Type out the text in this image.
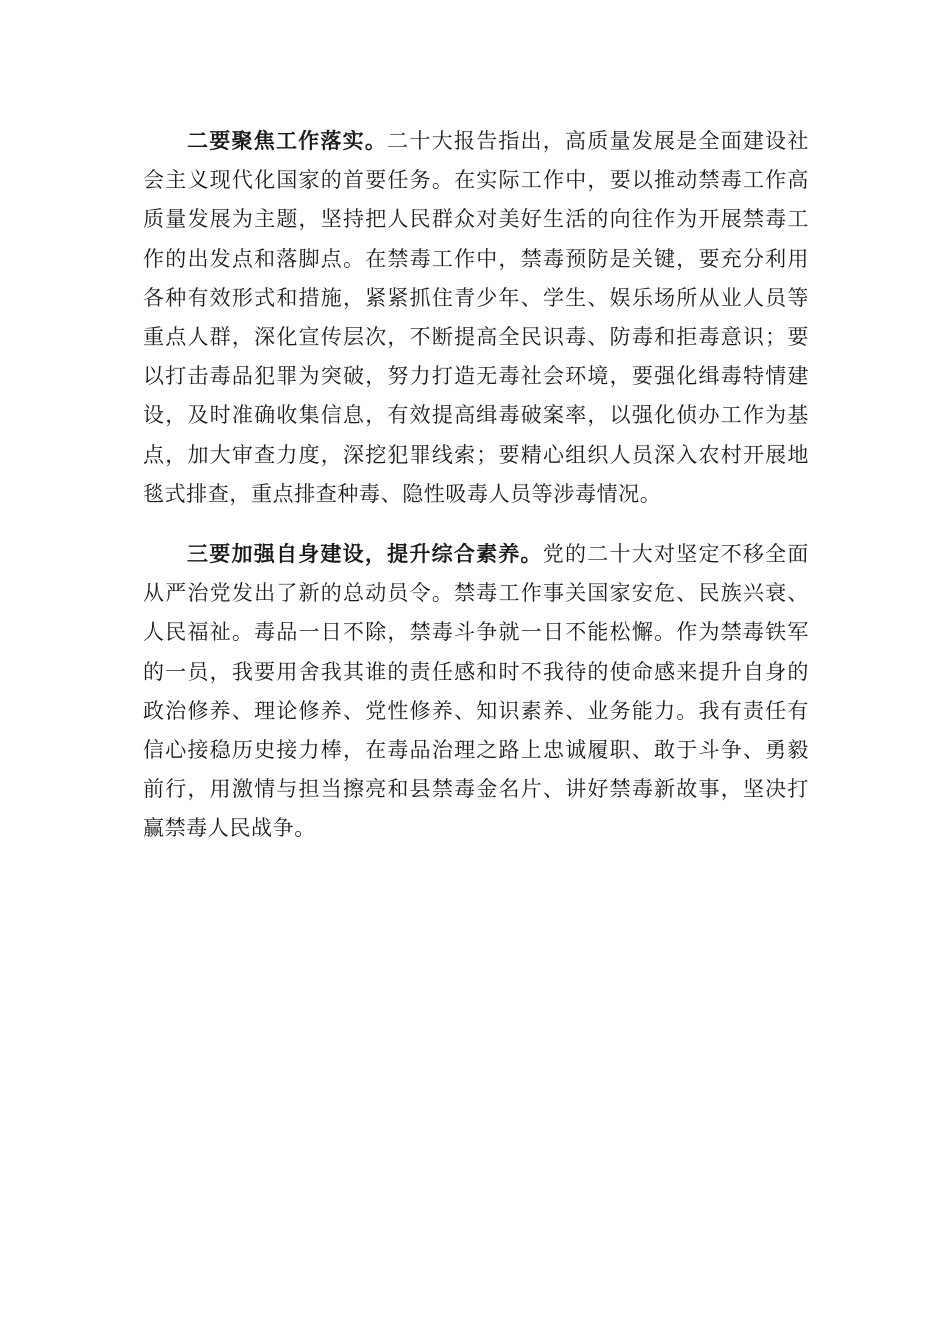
二要聚焦工作落实。二十大报告指出，高质量发展是全面建设社会主义现代化国家的首要任务。在实际工作中，要以推动禁毒工作高质量发展为主题，坚持把人民群众对美好生活的向往作为开展禁毒工作的出发点和落脚点。在禁毒工作中，禁毒预防是关键，要充分利用各种有效形式和措施，紧紧抓住青少年、学生、娱乐场所从业人员等重点人群，深化宣传层次，不断提高全民识毒、防毒和拒毒意识；要以打击毒品犯罪为突破，努力打造无毒社会环境，要强化缉毒特情建设，及时准确收集信息，有效提高缉毒破案率，以强化侦办工作为基点，加大审查力度，深挖犯罪线索；要精心组织人员深入农村开展地毯式排查，重点排查种毒、隐性吸毒人员等涉毒情况。

三要加强自身建设，提升综合素养。党的二十大对坚定不移全面从严治党发出了新的总动员令。禁毒工作事关国家安危、民族兴衰、人民福祉。毒品一日不除，禁毒斗争就一日不能松懈。作为禁毒铁军的一员，我要用舍我其谁的责任感和时不我待的使命感来提升自身的政治修养、理论修养、党性修养、知识素养、业务能力。我有责任有信心接稳历史接力棒，在毒品治理之路上忠诚履职、敢于斗争、勇毅前行，用激情与担当擦亮和县禁毒金名片、讲好禁毒新故事，坚决打赢禁毒人民战争。
